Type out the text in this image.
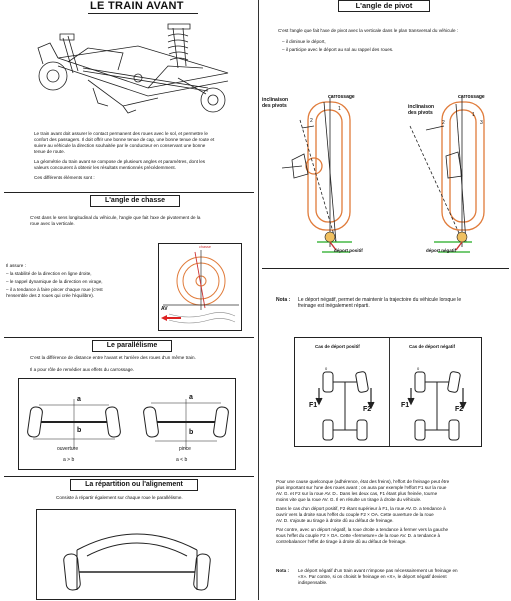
LE TRAIN AVANT
Le train avant doit assurer le contact permanent des roues avec le sol, et permettre le
confort des passagers. Il doit offrir une bonne tenue de cap, une bonne tenue de route et
suivre au véhicule la direction souhaitée par le conducteur en conservant une bonne
tenue de route.
La géométrie du train avant se compose de plusieurs angles et paramètres, dont les
valeurs concourent à obtenir les résultats mentionnés précédemment.
Ces différents éléments sont :
L'angle de chasse
C'est dans le sens longitudinal du véhicule, l'angle que fait l'axe de pivotement de la
roue avec la verticale.
Il assure :
– la stabilité de la direction en ligne droite,
– le rappel dynamique de la direction en virage,
– il a tendance à faire pincer chaque roue (c'est
l'ensemble des 2 roues qui crée l'équilibre).
chasse
AV
Le parallélisme
C'est la différence de distance entre l'avant et l'arrière des roues d'un même train.
Il a pour rôle de remédier aux effets du carrossage.
a
b
ouverture
a > b
a
b
pince
a < b
La répartition ou l'alignement
Consiste à répartir également sur chaque roue le parallélisme.
L'angle de pivot
C'est l'angle que fait l'axe de pivot avec la verticale dans le plan transversal du véhicule :
– il diminue le déport,
– il participe avec le déport au sol au rappel des roues.
inclinaison
des pivots
carrossage
1
2
déport positif
inclinaison
des pivots
carrossage
1
2	3
déport négatif
Nota : Le déport négatif, permet de maintenir la trajectoire du véhicule lorsque le
freinage est inégalement réparti.
Cas de déport positif	Cas de déport négatif
F1
F2
0
F1
F2
0
Pour une cause quelconque (adhérence, état des freins), l'effort de freinage peut être
plus important sur l'une des roues avant ; on aura par exemple l'effort F1 sur la roue
AV. G. et F2 sur la roue AV. D.. Dans les deux cas, F1 étant plus freinée, tourne
moins vite que la roue AV. G. Il en résulte un tirage à droite du véhicule.
Dans le cas d'un déport positif, F2 étant supérieur à F1, la roue AV. D. a tendance à
ouvrir vers la droite sous l'effet du couple F2 × OA. Cette ouverture de la roue
AV. D. s'ajoute au tirage à droite dû au défaut de freinage.
Par contre, avec un déport négatif, la roue droite a tendance à fermer vers la gauche
sous l'effet du couple F2 × OA. Cette «fermeture» de la roue AV. D. a tendance à
contrebalancer l'effet de tirage à droite dû au défaut de freinage.
Nota : Le déport négatif d'un train avant n'impose pas nécessairement un freinage en
«X». Par contre, si on choisit le freinage en «X», le déport négatif devient
indispensable.
